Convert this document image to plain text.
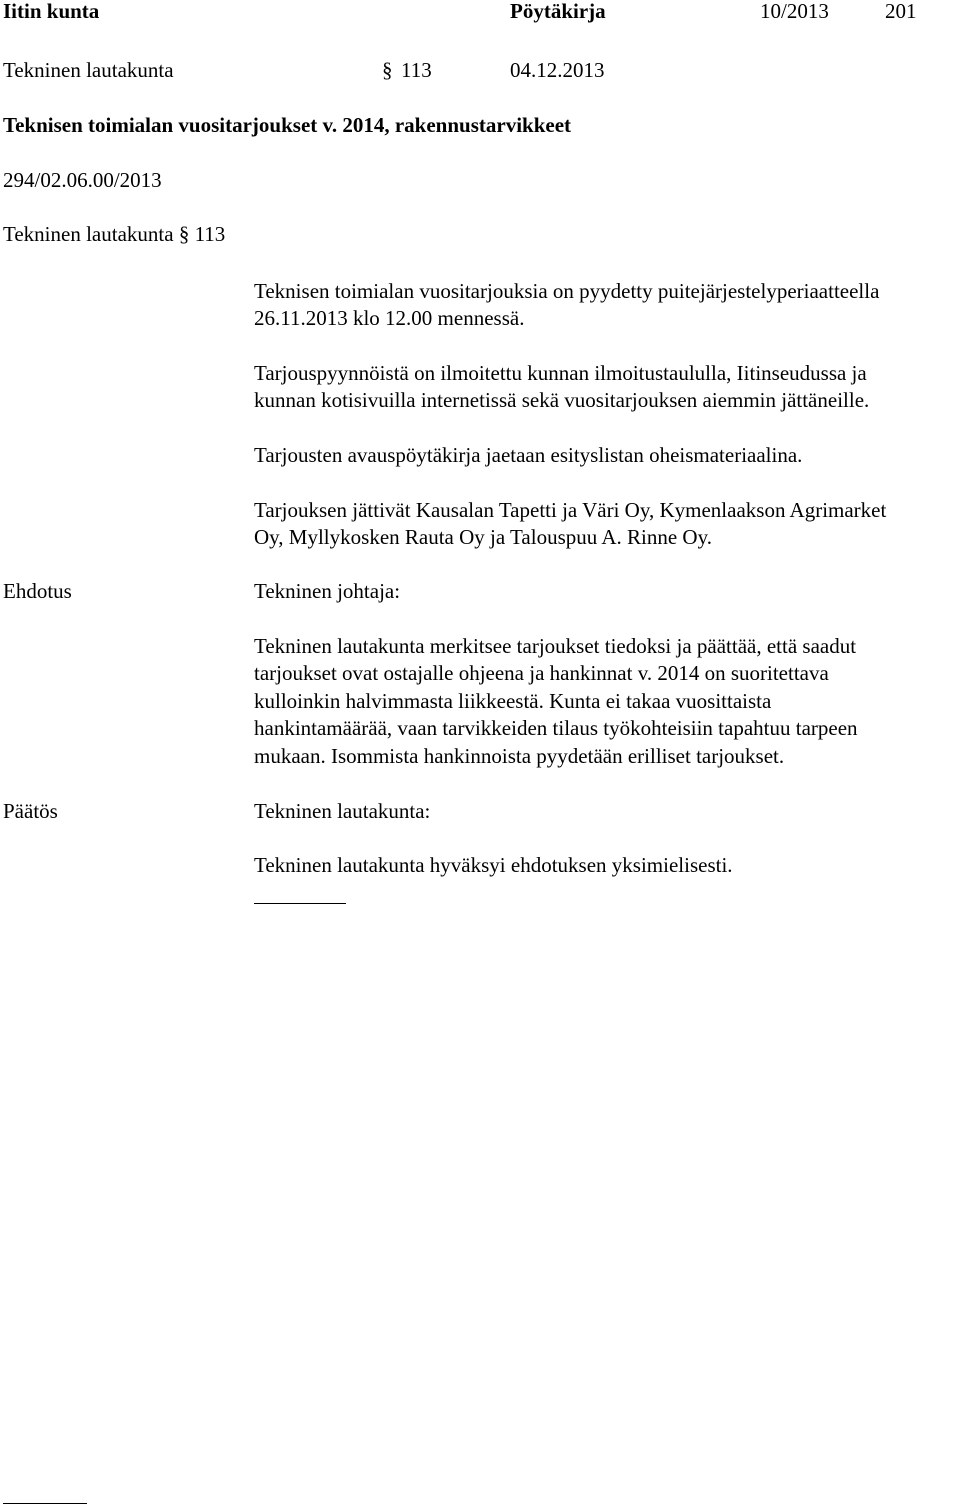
Iitin kunta	Pöytäkirja	10/2013	201
Tekninen lautakunta	§ 113	04.12.2013
Teknisen toimialan vuositarjoukset v. 2014, rakennustarvikkeet
294/02.06.00/2013
Tekninen lautakunta § 113
Teknisen toimialan vuositarjouksia on pyydetty puitejärjestelyperiaatteella
26.11.2013 klo 12.00 mennessä.
Tarjouspyynnöistä on ilmoitettu kunnan ilmoitustaululla, Iitinseudussa ja
kunnan kotisivuilla internetissä sekä vuositarjouksen aiemmin jättäneille.
Tarjousten avauspöytäkirja jaetaan esityslistan oheismateriaalina.
Tarjouksen jättivät Kausalan Tapetti ja Väri Oy, Kymenlaakson Agrimarket
Oy, Myllykosken Rauta Oy ja Talouspuu A. Rinne Oy.
Ehdotus	Tekninen johtaja:
Tekninen lautakunta merkitsee tarjoukset tiedoksi ja päättää, että saadut
tarjoukset ovat ostajalle ohjeena ja hankinnat v. 2014 on suoritettava
kulloinkin halvimmasta liikkeestä. Kunta ei takaa vuosittaista
hankintamäärää, vaan tarvikkeiden tilaus työkohteisiin tapahtuu tarpeen
mukaan. Isommista hankinnoista pyydetään erilliset tarjoukset.
Päätös	Tekninen lautakunta:
Tekninen lautakunta hyväksyi ehdotuksen yksimielisesti.
